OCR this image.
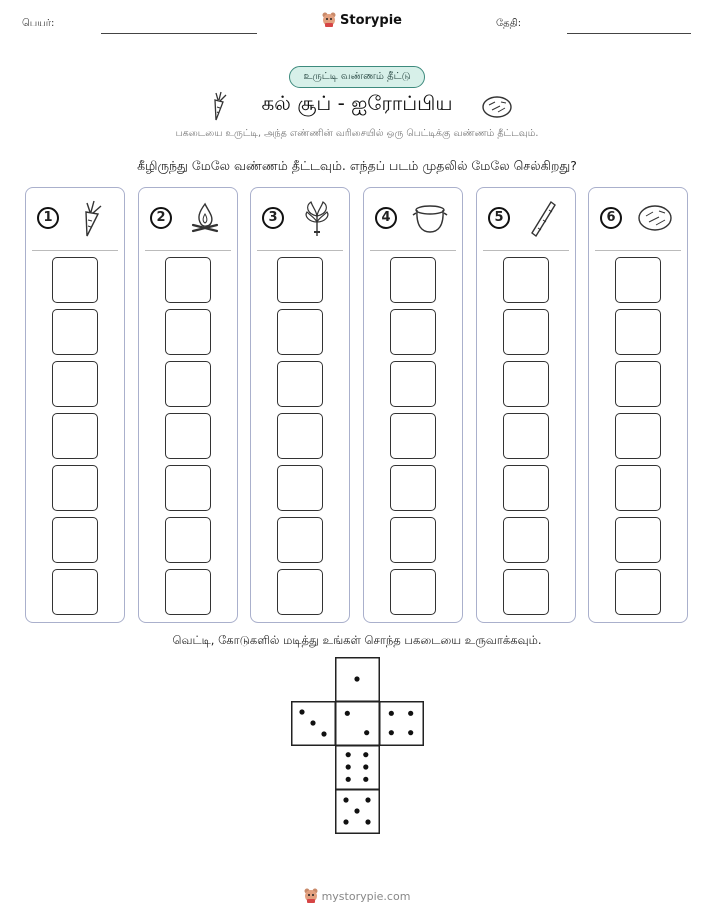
பெயர்:	Storypie	தேதி:
உருட்டி வண்ணம் தீட்டு
கல் சூப் - ஐரோப்பிய
பகடையை உருட்டி, அந்த எண்ணின் வரிசையில் ஒரு பெட்டிக்கு வண்ணம் தீட்டவும்.
கீழிருந்து மேலே வண்ணம் தீட்டவும். எந்தப் படம் முதலில் மேலே செல்கிறது?
1	2	3	4	5	6
வெட்டி, கோடுகளில் மடித்து உங்கள் சொந்த பகடையை உருவாக்கவும்.
mystorypie.com
